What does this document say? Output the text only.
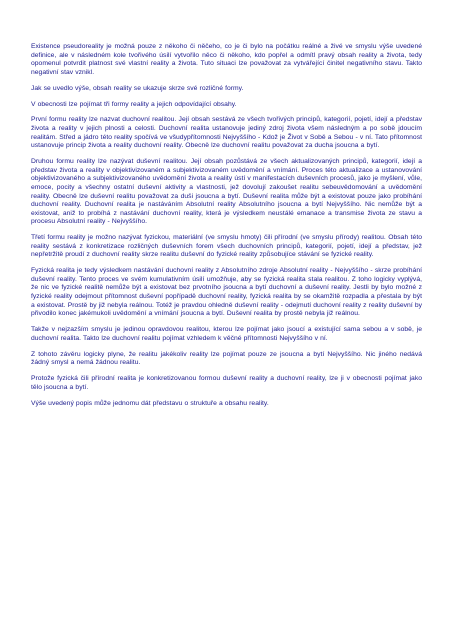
Existence pseudoreality je možná pouze z někoho či něčeho, co je či bylo na počátku reálné a živé ve smyslu výše uvedené definice, ale v následném kole tvořivého úsilí vytvořilo něco či někoho, kdo popřel a odmítl pravý obsah reality a života, tedy opomenul potvrdit platnost své vlastní reality a života. Tuto situaci lze považovat za vytvářející činitel negativního stavu. Takto negativní stav vznikl.

Jak se uvedlo výše, obsah reality se ukazuje skrze své rozličné formy.

V obecnosti lze pojímat tři formy reality a jejich odpovídající obsahy.

První formu reality lze nazvat duchovní realitou. Její obsah sestává ze všech tvořivých principů, kategorií, pojetí, idejí a představ života a reality v jejich plnosti a celosti. Duchovní realita ustanovuje jediný zdroj života všem následným a po sobě jdoucím realitám. Střed a jádro této reality spočívá ve všudypřítomnosti Nejvyššího - Kdož je Život v Sobě a Sebou - v ní. Tato přítomnost ustanovuje princip života a reality duchovní reality. Obecně lze duchovní realitu považovat za ducha jsoucna a bytí.

Druhou formu reality lze nazývat duševní realitou. Její obsah pozůstává ze všech aktualizovaných principů, kategorií, idejí a představ života a reality v objektivizovaném a subjektivizovaném uvědomění a vnímání. Proces této aktualizace a ustanovování objektivizovaného a subjektivizovaného uvědomění života a reality ústí v manifestacích duševních procesů, jako je myšlení, vůle, emoce, pocity a všechny ostatní duševní aktivity a vlastnosti, jež dovolují zakoušet realitu sebeuvědomování a uvědomění reality. Obecně lze duševní realitu považovat za duši jsoucna a bytí. Duševní realita může být a existovat pouze jako probíhání duchovní reality. Duchovní realita je nastáváním Absolutní reality Absolutního jsoucna a bytí Nejvyššího. Nic nemůže být a existovat, aniž to probíhá z nastávání duchovní reality, která je výsledkem neustálé emanace a transmise života ze stavu a procesu Absolutní reality - Nejvyššího.

Třetí formu reality je možno nazývat fyzickou, materiální (ve smyslu hmoty) čili přírodní (ve smyslu přírody) realitou. Obsah této reality sestává z konkretizace rozličných duševních forem všech duchovních principů, kategorií, pojetí, idejí a představ, jež nepřetržitě proudí z duchovní reality skrze realitu duševní do fyzické reality způsobujíce stávání se fyzické reality.

Fyzická realita je tedy výsledkem nastávání duchovní reality z Absolutního zdroje Absolutní reality - Nejvyššího - skrze probíhání duševní reality. Tento proces ve svém kumulativním úsilí umožňuje, aby se fyzická realita stala realitou. Z toho logicky vyplývá, že nic ve fyzické realitě nemůže být a existovat bez prvotního jsoucna a bytí duchovní a duševní reality. Jestli by bylo možné z fyzické reality odejmout přítomnost duševní popřípadě duchovní reality, fyzická realita by se okamžitě rozpadla a přestala by být a existovat. Prostě by již nebyla reálnou. Totéž je pravdou ohledně duševní reality - odejmutí duchovní reality z reality duševní by přivodilo konec jakémukoli uvědomění a vnímání jsoucna a bytí. Duševní realita by prostě nebyla již reálnou.

Takže v nejzazším smyslu je jedinou opravdovou realitou, kterou lze pojímat jako jsoucí a existující sama sebou a v sobě, je duchovní realita. Takto lze duchovní realitu pojímat vzhledem k věčné přítomnosti Nejvyššího v ní.

Z tohoto závěru logicky plyne, že realitu jakékoliv reality lze pojímat pouze ze jsoucna a bytí Nejvyššího. Nic jiného nedává žádný smysl a nemá žádnou realitu.

Protože fyzická čili přírodní realita je konkretizovanou formou duševní reality a duchovní reality, lze ji v obecnosti pojímat jako tělo jsoucna a bytí.

Výše uvedený popis může jednomu dát představu o struktuře a obsahu reality.
